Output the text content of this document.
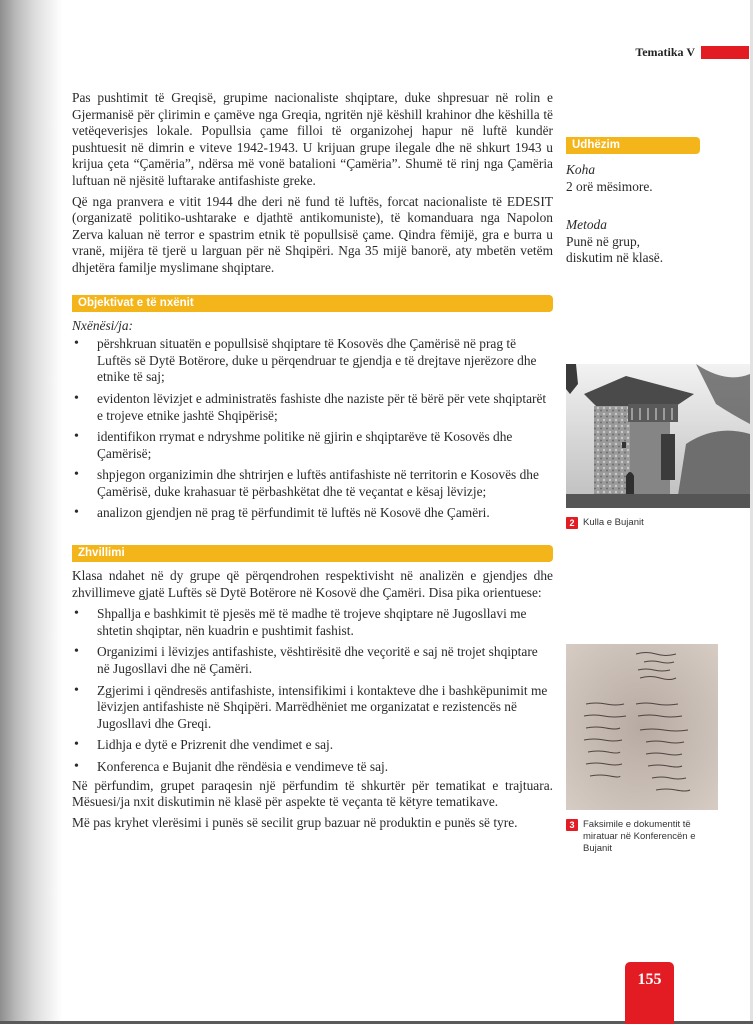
Tematika V

Pas pushtimit të Greqisë, grupime nacionaliste shqiptare, duke shpresuar në rolin e Gjermanisë për çlirimin e çamëve nga Greqia, ngritën një këshill krahinor dhe këshilla të vetëqeverisjes lokale. Popullsia çame filloi të organizohej hapur në luftë kundër pushtuesit në dimrin e viteve 1942-1943. U krijuan grupe ilegale dhe në shkurt 1943 u krijua çeta “Çamëria”, ndërsa më vonë batalioni “Çamëria”. Shumë të rinj nga Çamëria luftuan në njësitë luftarake antifashiste greke.

Që nga pranvera e vitit 1944 dhe deri në fund të luftës, forcat nacionaliste të EDESIT (organizatë politiko-ushtarake e djathtë antikomuniste), të komanduara nga Napolon Zerva kaluan në terror e spastrim etnik të popullsisë çame. Qindra fëmijë, gra e burra u vranë, mijëra të tjerë u larguan për në Shqipëri. Nga 35 mijë banorë, aty mbetën vetëm dhjetëra familje myslimane shqiptare.

Objektivat e të nxënit
Nxënësi/ja:
• përshkruan situatën e popullsisë shqiptare të Kosovës dhe Çamërisë në prag të Luftës së Dytë Botërore, duke u përqendruar te gjendja e të drejtave njerëzore dhe etnike të saj;
• evidenton lëvizjet e administratës fashiste dhe naziste për të bërë për vete shqiptarët e trojeve etnike jashtë Shqipërisë;
• identifikon rrymat e ndryshme politike në gjirin e shqiptarëve të Kosovës dhe Çamërisë;
• shpjegon organizimin dhe shtrirjen e luftës antifashiste në territorin e Kosovës dhe Çamërisë, duke krahasuar të përbashkëtat dhe të veçantat e kësaj lëvizje;
• analizon gjendjen në prag të përfundimit të luftës në Kosovë dhe Çamëri.
Zhvillimi

Klasa ndahet në dy grupe që përqendrohen respektivisht në analizën e gjendjes dhe zhvillimeve gjatë Luftës së Dytë Botërore në Kosovë dhe Çamëri. Disa pika orientuese:

• Shpallja e bashkimit të pjesës më të madhe të trojeve shqiptare në Jugosllavi me shtetin shqiptar, nën kuadrin e pushtimit fashist.
• Organizimi i lëvizjes antifashiste, vështirësitë dhe veçoritë e saj në trojet shqiptare në Jugosllavi dhe në Çamëri.
• Zgjerimi i qëndresës antifashiste, intensifikimi i kontakteve dhe i bashkëpunimit me lëvizjen antifashiste në Shqipëri. Marrëdhëniet me organizatat e rezistencës në Jugosllavi dhe Greqi.
• Lidhja e dytë e Prizrenit dhe vendimet e saj.
• Konferenca e Bujanit dhe rëndësia e vendimeve të saj.

Në përfundim, grupet paraqesin një përfundim të shkurtër për tematikat e trajtuara. Mësuesi/ja nxit diskutimin në klasë për aspekte të veçanta të këtyre tematikave.

Më pas kryhet vlerësimi i punës së secilit grup bazuar në produktin e punës së tyre.

Udhëzim
Koha
2 orë mësimore.
Metoda
Punë në grup, diskutim në klasë.
2 Kulla e Bujanit
3 Faksimile e dokumentit të miratuar në Konferencën e Bujanit
155
